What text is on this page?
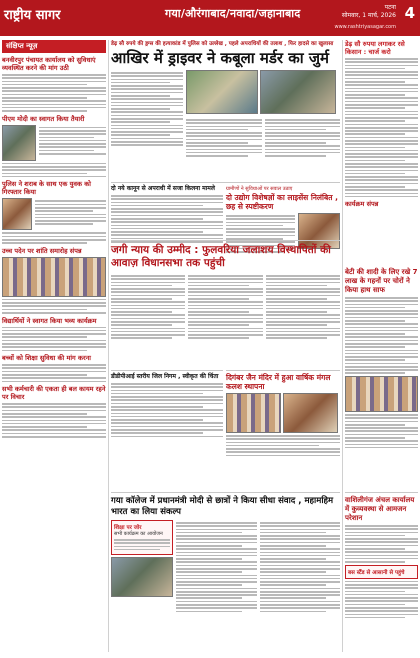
राष्ट्रीय सागर	गया/औरंगाबाद/नवादा/जहानाबाद	पटना
सोमवार, 1 मार्च, 2026
www.rashtriyasagar.com
4
संक्षिप्त न्यूज़
बनवीरपुर पंचायत कार्यालय को सुविधाएं व्यवस्थित करने की मांग उठी
पीएम मोदी का स्वागत किया तैयारी
पुलिस ने शराब के साथ एक युवक को गिरफ्तार किया
उच्च पदेन पर शांति समारोह संपन्न
विद्यार्थियों ने स्वागत किया भव्य कार्यक्रम
बच्चों को शिक्षा सुविधा की मांग करना
सभी कर्मचारी की एकता ही बल कायम रहने पर विचार
डेढ़ सौ रुपये की ड्रग्स की हत्याकांड में पुलिस को उल्लेख , पहले अपराधियों की तलाश , फिर हादसे का खुलासा
आखिर में ड्राइवर ने कबूला मर्डर का जुर्म
डेढ़ सौ रुपया लगाकर रसे किसान : चार्ज करो
कार्यक्रम संपन्न
दो नये कानून से अपराधी में सजा किलना मामले	ग्रामीणों ने सुविधाओं पर सवाल उठाए
दो उद्योग विशेषज्ञों का लाइसेंस निलंबित , छह से स्पष्टीकरण
जगी न्याय की उम्मीद : फुलवरिया जलाशय विस्थापितों की आवाज़ विधानसभा तक पहुंची
बेटी की शादी के लिए रखे 7 लाख के गहनों पर चोरों ने किया हाथ साफ
डीडीपीआई स्तरीय जिल निगम , स्वीकृत की चिंता	दिगंबर जैन मंदिर में हुआ वार्षिक मंगल कलश स्थापना
गया कॉलेज में प्रधानमंत्री मोदी से छात्रों ने किया सीधा संवाद , महामहिम भारत का लिया संकल्प
शिक्षा पर जोर
सभी कार्यक्रम का आयोजन
वाशिलीगंज अंचल कार्यालय में कुव्यवस्था से आमजन परेशान
बस स्टैंड से आसानी से पहुंचे
